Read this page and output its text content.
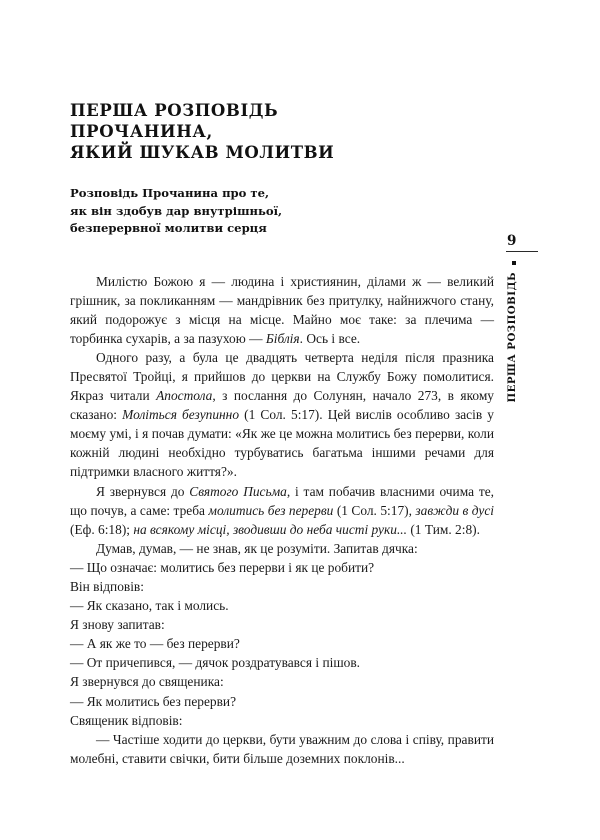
ПЕРША РОЗПОВІДЬ ПРОЧАНИНА,
ЯКИЙ ШУКАВ МОЛИТВИ
Розповідь Прочанина про те,
як він здобув дар внутрішньої,
безперервної молитви серця

Милістю Божою я — людина і християнин, ділами ж — великий грішник, за покликанням — мандрівник без притулку, найнижчого стану, який подорожує з місця на місце. Майно моє таке: за плечима — торбинка сухарів, а за пазухою — Біблія. Ось і все.

Одного разу, а була це двадцять четверта неділя після празника Пресвятої Тройці, я прийшов до церкви на Службу Божу помолитися. Якраз читали Апостола, з послання до Солунян, начало 273, в якому сказано: Моліться безупинно (1 Сол. 5:17). Цей вислів особливо засів у моєму умі, і я почав думати: «Як же це можна молитись без перерви, коли кожній людині необхідно турбуватись багатьма іншими речами для підтримки власного життя?».

Я звернувся до Святого Письма, і там побачив власними очима те, що почув, а саме: треба молитись без перерви (1 Сол. 5:17), завжди в дусі (Еф. 6:18); на всякому місці, зводивши до неба чисті руки... (1 Тим. 2:8).

Думав, думав, — не знав, як це розуміти. Запитав дячка:

— Що означає: молитись без перерви і як це робити?

Він відповів:

— Як сказано, так і молись.

Я знову запитав:

— А як же то — без перерви?

— От причепився, — дячок роздратувався і пішов.

Я звернувся до священика:

— Як молитись без перерви?

Священик відповів:

— Частіше ходити до церкви, бути уважним до слова і співу, правити молебні, ставити свічки, бити більше доземних поклонів...

9
ПЕРША РОЗПОВІДЬ
